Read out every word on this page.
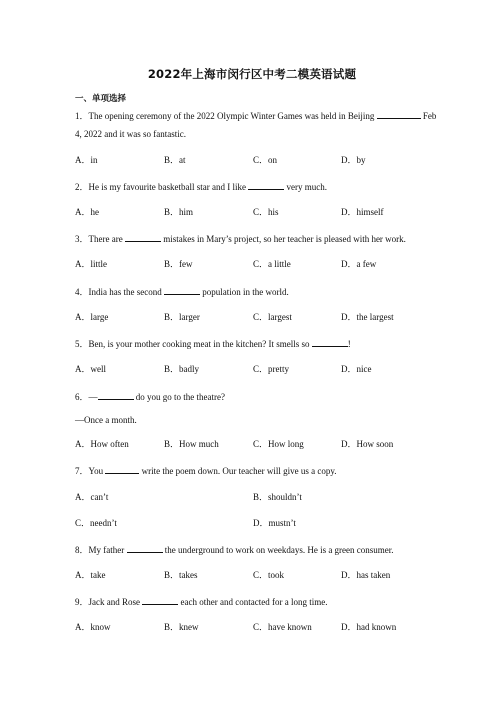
2022年上海市闵行区中考二模英语试题
一、单项选择
1．The opening ceremony of the 2022 Olympic Winter Games was held in Beijing	Feb
4, 2022 and it was so fantastic.
A．in	B．at	C．on	D．by
2．He is my favourite basketball star and I like	very much.
A．he	B．him	C．his	D．himself
3．There are	mistakes in Mary’s project, so her teacher is pleased with her work.
A．little	B．few	C．a little	D．a few
4．India has the second	population in the world.
A．large	B．larger	C．largest	D．the largest
5．Ben, is your mother cooking meat in the kitchen? It smells so	!
A．well	B．badly	C．pretty	D．nice
6．—	do you go to the theatre?
—Once a month.
A．How often	B．How much	C．How long	D．How soon
7．You	write the poem down. Our teacher will give us a copy.
A．can’t	B．shouldn’t
C．needn’t	D．mustn’t
8．My father	the underground to work on weekdays. He is a green consumer.
A．take	B．takes	C．took	D．has taken
9．Jack and Rose	each other and contacted for a long time.
A．know	B．knew	C．have known	D．had known
